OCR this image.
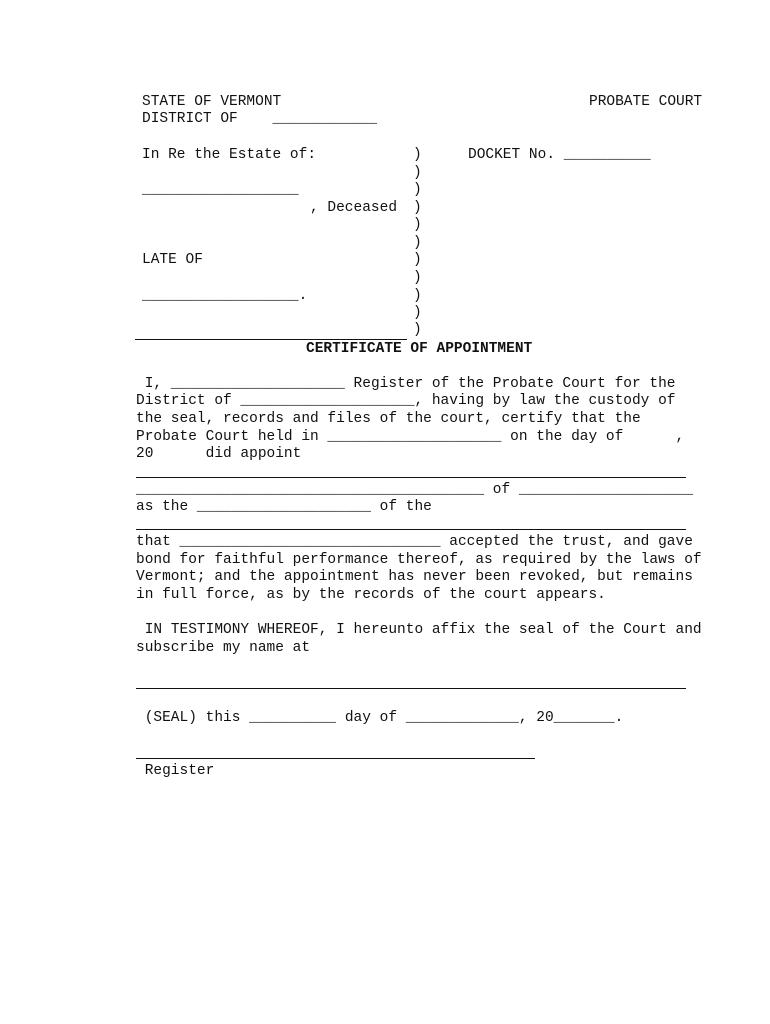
STATE OF VERMONT	PROBATE COURT
DISTRICT OF    ____________
In Re the Estate of:	DOCKET No. __________
__________________
, Deceased
LATE OF
__________________.
)
)
)
)
)
)
)
)
)
)
)
CERTIFICATE OF APPOINTMENT
I, ____________________ Register of the Probate Court for the
District of ____________________, having by law the custody of
the seal, records and files of the court, certify that the
Probate Court held in ____________________ on the day of      ,
20      did appoint
________________________________________ of ____________________
as the ____________________ of the
that ______________________________ accepted the trust, and gave
bond for faithful performance thereof, as required by the laws of
Vermont; and the appointment has never been revoked, but remains
in full force, as by the records of the court appears.
IN TESTIMONY WHEREOF, I hereunto affix the seal of the Court and
subscribe my name at
(SEAL) this __________ day of _____________, 20_______.
Register
